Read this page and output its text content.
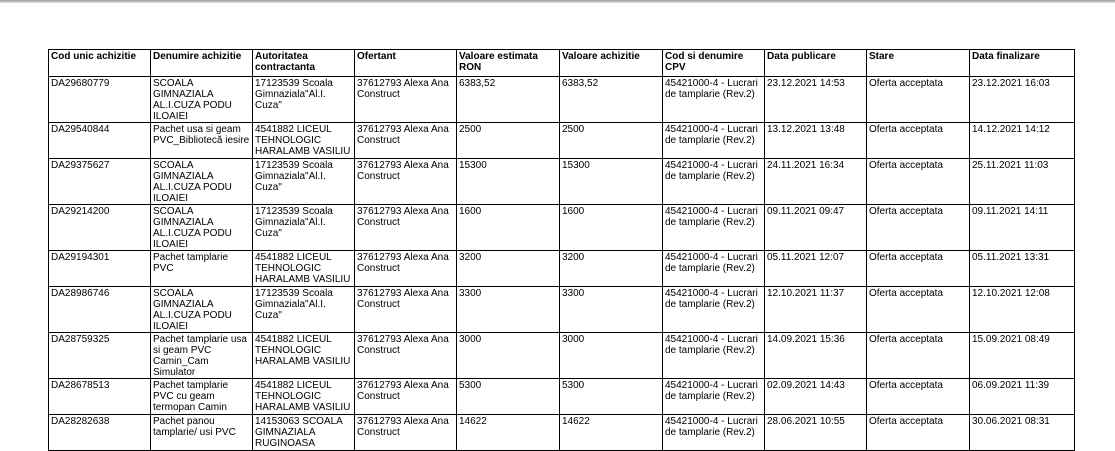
Cod unic achizitie	Denumire achizitie	Autoritatea contractanta	Ofertant	Valoare estimata RON	Valoare achizitie	Cod si denumire CPV	Data publicare	Stare	Data finalizare
DA29680779	SCOALA GIMNAZIALA AL.I.CUZA PODU ILOAIEI	17123539 Scoala Gimnaziala"Al.I. Cuza"	37612793 Alexa Ana Construct	6383,52	6383,52	45421000-4 - Lucrari de tamplarie (Rev.2)	23.12.2021 14:53	Oferta acceptata	23.12.2021 16:03
DA29540844	Pachet usa si geam PVC_Bibliotecă iesire	4541882 LICEUL TEHNOLOGIC HARALAMB VASILIU	37612793 Alexa Ana Construct	2500	2500	45421000-4 - Lucrari de tamplarie (Rev.2)	13.12.2021 13:48	Oferta acceptata	14.12.2021 14:12
DA29375627	SCOALA GIMNAZIALA AL.I.CUZA PODU ILOAIEI	17123539 Scoala Gimnaziala"Al.I. Cuza"	37612793 Alexa Ana Construct	15300	15300	45421000-4 - Lucrari de tamplarie (Rev.2)	24.11.2021 16:34	Oferta acceptata	25.11.2021 11:03
DA29214200	SCOALA GIMNAZIALA AL.I.CUZA PODU ILOAIEI	17123539 Scoala Gimnaziala"Al.I. Cuza"	37612793 Alexa Ana Construct	1600	1600	45421000-4 - Lucrari de tamplarie (Rev.2)	09.11.2021 09:47	Oferta acceptata	09.11.2021 14:11
DA29194301	Pachet tamplarie PVC	4541882 LICEUL TEHNOLOGIC HARALAMB VASILIU	37612793 Alexa Ana Construct	3200	3200	45421000-4 - Lucrari de tamplarie (Rev.2)	05.11.2021 12:07	Oferta acceptata	05.11.2021 13:31
DA28986746	SCOALA GIMNAZIALA AL.I.CUZA PODU ILOAIEI	17123539 Scoala Gimnaziala"Al.I. Cuza"	37612793 Alexa Ana Construct	3300	3300	45421000-4 - Lucrari de tamplarie (Rev.2)	12.10.2021 11:37	Oferta acceptata	12.10.2021 12:08
DA28759325	Pachet tamplarie usa si geam PVC Camin_Cam Simulator	4541882 LICEUL TEHNOLOGIC HARALAMB VASILIU	37612793 Alexa Ana Construct	3000	3000	45421000-4 - Lucrari de tamplarie (Rev.2)	14.09.2021 15:36	Oferta acceptata	15.09.2021 08:49
DA28678513	Pachet tamplarie PVC cu geam termopan Camin	4541882 LICEUL TEHNOLOGIC HARALAMB VASILIU	37612793 Alexa Ana Construct	5300	5300	45421000-4 - Lucrari de tamplarie (Rev.2)	02.09.2021 14:43	Oferta acceptata	06.09.2021 11:39
DA28282638	Pachet panou tamplarie/ usi PVC	14153063 SCOALA GIMNAZIALA RUGINOASA	37612793 Alexa Ana Construct	14622	14622	45421000-4 - Lucrari de tamplarie (Rev.2)	28.06.2021 10:55	Oferta acceptata	30.06.2021 08:31
